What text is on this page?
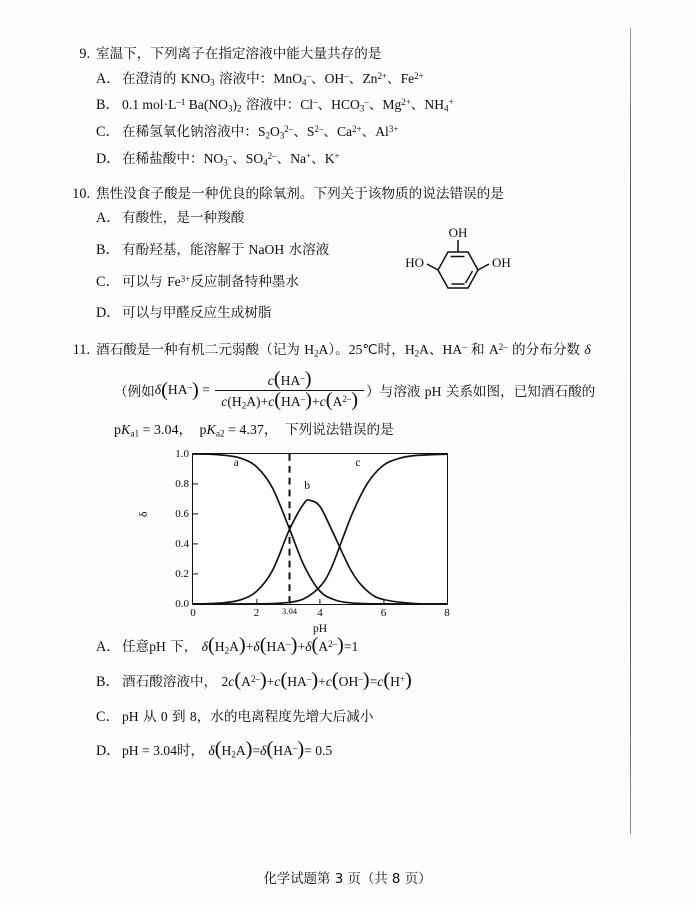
9. 室温下，下列离子在指定溶液中能大量共存的是
A． 在澄清的 $KNO_3$ 溶液中：MnO$_4$–、OH–、$Zn^{2+}$、$Fe^{2+}$
B． 0.1 $mol\cdot L^{-1}$ $Ba(NO_3)_2$ 溶液中：Cl–、$HCO_3^-$、$Mg^{2+}$、$NH_4^+$
C． 在稀氢氧化钠溶液中：$S_2O_3^{2-}$、$S^{2-}$、$Ca^{2+}$、$Al^{3+}$
D． 在稀盐酸中：$NO_3^-$、$SO_4^{2-}$、Na+、K+
10. 焦性没食子酸是一种优良的除氧剂。下列关于该物质的说法错误的是
A． 有酸性，是一种羧酸
B． 有酚羟基，能溶解于 NaOH 水溶液
C． 可以与 $Fe^{3+}$反应制备特种墨水
D． 可以与甲醛反应生成树脂
OH
HO	OH
11. 酒石酸是一种有机二元弱酸（记为 $H_2A$）。25℃时，$H_2A$、HA– 和 $A^{2-}$ 的分布分数 δ
（例如 δ ( HA– ) = $\frac{c(HA^-)}{c(H_2A)+c(HA^-)+c(A^{2-})}$ ）与溶液 pH 关系如图，已知酒石酸的
$pK_{a1} = 3.04$， $pK_{a2} = 4.37$， 下列说法错误的是
δ
1.0
0.8
0.6
0.4
0.2
0.0
0	2	3.04 4	6	8
a
b
c
pH
A． 任意pH 下， $\delta(H_2A)+\delta(HA^-)+\delta(A^{2-})=1$
B． 酒石酸溶液中， $2c(A^{2-})+c(HA^-)+c(OH^-)=c(H^+)$
C． pH 从 0 到 8，水的电离程度先增大后减小
D． pH = 3.04时， $\delta(H_2A)=\delta(HA^-)= 0.5$
化学试题第 3 页（共 8 页）
